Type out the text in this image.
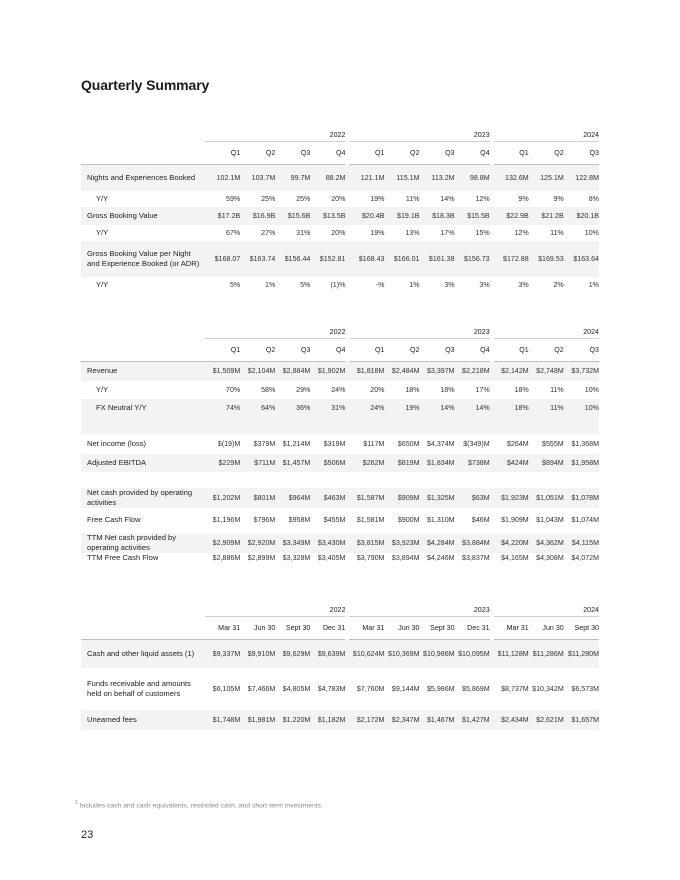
Quarterly Summary
	2022					2023					2024		
	Q1	Q2	Q3	Q4		Q1	Q2	Q3	Q4		Q1	Q2	Q3
Nights and Experiences Booked	102.1M	103.7M	99.7M	88.2M		121.1M	115.1M	113.2M	98.8M		132.6M	125.1M	122.8M
Y/Y	59%	25%	25%	20%		19%	11%	14%	12%		9%	9%	8%
Gross Booking Value	$17.2B	$16.9B	$15.6B	$13.5B		$20.4B	$19.1B	$18.3B	$15.5B		$22.9B	$21.2B	$20.1B
Y/Y	67%	27%	31%	20%		19%	13%	17%	15%		12%	11%	10%
Gross Booking Value per Night and Experience Booked (or ADR)	$168.07	$163.74	$156.44	$152.81		$168.43	$166.01	$161.38	$156.73		$172.88	$169.53	$163.64
Y/Y	5%	1%	5%	(1)%		-%	1%	3%	3%		3%	2%	1%
	2022					2023					2024		
	Q1	Q2	Q3	Q4		Q1	Q2	Q3	Q4		Q1	Q2	Q3
Revenue	$1,509M	$2,104M	$2,884M	$1,902M		$1,818M	$2,484M	$3,397M	$2,218M		$2,142M	$2,748M	$3,732M
Y/Y	70%	58%	29%	24%		20%	18%	18%	17%		18%	11%	10%
FX Neutral Y/Y	74%	64%	36%	31%		24%	19%	14%	14%		18%	11%	10%

Net income (loss)	$(19)M	$379M	$1,214M	$319M		$117M	$650M	$4,374M	$(349)M		$264M	$555M	$1,368M
Adjusted EBITDA	$229M	$711M	$1,457M	$506M		$262M	$819M	$1,834M	$738M		$424M	$894M	$1,958M

Net cash provided by operating activities	$1,202M	$801M	$964M	$463M		$1,587M	$909M	$1,325M	$63M		$1,923M	$1,051M	$1,078M
Free Cash Flow	$1,196M	$796M	$958M	$455M		$1,581M	$900M	$1,310M	$46M		$1,909M	$1,043M	$1,074M
TTM Net cash provided by operating activities	$2,909M	$2,920M	$3,349M	$3,430M		$3,815M	$3,923M	$4,284M	$3,884M		$4,220M	$4,362M	$4,115M
TTM Free Cash Flow	$2,886M	$2,899M	$3,328M	$3,405M		$3,790M	$3,894M	$4,246M	$3,837M		$4,165M	$4,308M	$4,072M
	2022					2023					2024		
	Mar 31	Jun 30	Sept 30	Dec 31		Mar 31	Jun 30	Sept 30	Dec 31		Mar 31	Jun 30	Sept 30
Cash and other liquid assets (1)	$9,337M	$9,910M	$9,629M	$9,639M		$10,624M	$10,369M	$10,986M	$10,095M		$11,128M	$11,286M	$11,280M
Funds receivable and amounts held on behalf of customers	$6,105M	$7,466M	$4,805M	$4,783M		$7,760M	$9,144M	$5,986M	$5,869M		$8,737M	$10,342M	$6,573M
Unearned fees	$1,748M	$1,981M	$1,220M	$1,182M		$2,172M	$2,347M	$1,467M	$1,427M		$2,434M	$2,621M	$1,657M
$^1$ Includes cash and cash equivalents, restricted cash, and short-term investments.
23
